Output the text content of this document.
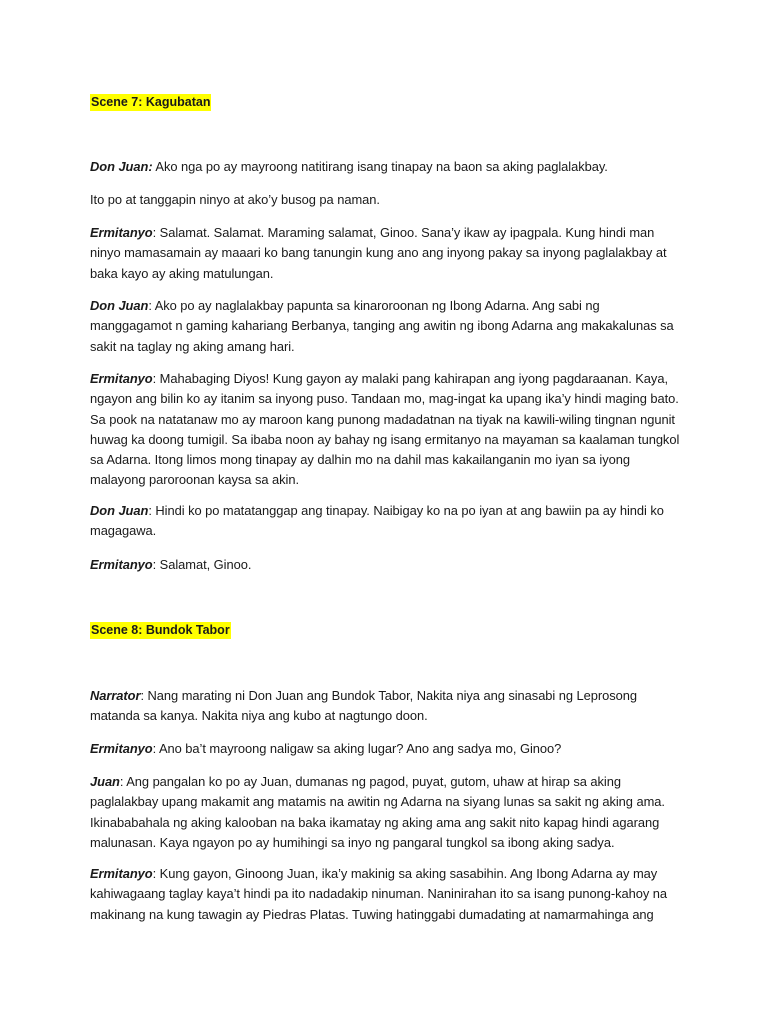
Scene 7: Kagubatan

Don Juan: Ako nga po ay mayroong natitirang isang tinapay na baon sa aking paglalakbay.

Ito po at tanggapin ninyo at ako’y busog pa naman.

Ermitanyo: Salamat. Salamat. Maraming salamat, Ginoo. Sana’y ikaw ay ipagpala. Kung hindi man ninyo mamasamain ay maaari ko bang tanungin kung ano ang inyong pakay sa inyong paglalakbay at baka kayo ay aking matulungan.

Don Juan: Ako po ay naglalakbay papunta sa kinaroroonan ng Ibong Adarna. Ang sabi ng manggagamot n gaming kahariang Berbanya, tanging ang awitin ng ibong Adarna ang makakalunas sa sakit na taglay ng aking amang hari.

Ermitanyo: Mahabaging Diyos! Kung gayon ay malaki pang kahirapan ang iyong pagdaraanan. Kaya, ngayon ang bilin ko ay itanim sa inyong puso. Tandaan mo, mag-ingat ka upang ika’y hindi maging bato. Sa pook na natatanaw mo ay maroon kang punong madadatnan na tiyak na kawili-wiling tingnan ngunit huwag ka doong tumigil. Sa ibaba noon ay bahay ng isang ermitanyo na mayaman sa kaalaman tungkol sa Adarna. Itong limos mong tinapay ay dalhin mo na dahil mas kakailanganin mo iyan sa iyong malayong paroroonan kaysa sa akin.

Don Juan: Hindi ko po matatanggap ang tinapay. Naibigay ko na po iyan at ang bawiin pa ay hindi ko magagawa.

Ermitanyo: Salamat, Ginoo.

Scene 8: Bundok Tabor

Narrator: Nang marating ni Don Juan ang Bundok Tabor, Nakita niya ang sinasabi ng Leprosong matanda sa kanya. Nakita niya ang kubo at nagtungo doon.

Ermitanyo: Ano ba’t mayroong naligaw sa aking lugar? Ano ang sadya mo, Ginoo?

Juan: Ang pangalan ko po ay Juan, dumanas ng pagod, puyat, gutom, uhaw at hirap sa aking paglalakbay upang makamit ang matamis na awitin ng Adarna na siyang lunas sa sakit ng aking ama. Ikinababahala ng aking kalooban na baka ikamatay ng aking ama ang sakit nito kapag hindi agarang malunasan. Kaya ngayon po ay humihingi sa inyo ng pangaral tungkol sa ibong aking sadya.

Ermitanyo: Kung gayon, Ginoong Juan, ika’y makinig sa aking sasabihin. Ang Ibong Adarna ay may kahiwagaang taglay kaya’t hindi pa ito nadadakip ninuman. Naninirahan ito sa isang punong-kahoy na makinang na kung tawagin ay Piedras Platas. Tuwing hatinggabi dumadating at namarmahinga ang
